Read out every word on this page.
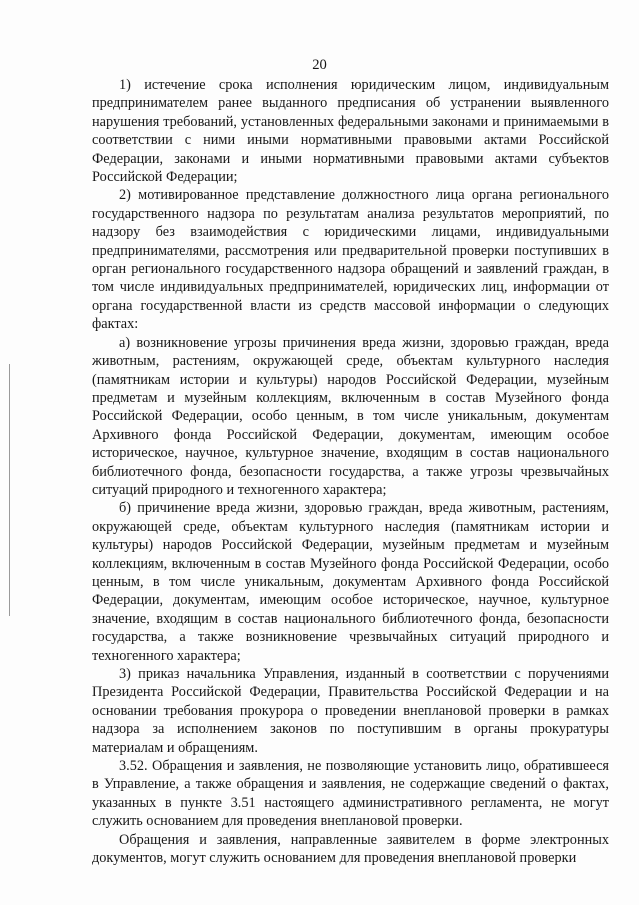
20

1) истечение срока исполнения юридическим лицом, индивидуальным предпринимателем ранее выданного предписания об устранении выявленного нарушения требований, установленных федеральными законами и принимаемыми в соответствии с ними иными нормативными правовыми актами Российской Федерации, законами и иными нормативными правовыми актами субъектов Российской Федерации;

2) мотивированное представление должностного лица органа регионального государственного надзора по результатам анализа результатов мероприятий, по надзору без взаимодействия с юридическими лицами, индивидуальными предпринимателями, рассмотрения или предварительной проверки поступивших в орган регионального государственного надзора обращений и заявлений граждан, в том числе индивидуальных предпринимателей, юридических лиц, информации от органа государственной власти из средств массовой информации о следующих фактах:

а) возникновение угрозы причинения вреда жизни, здоровью граждан, вреда животным, растениям, окружающей среде, объектам культурного наследия (памятникам истории и культуры) народов Российской Федерации, музейным предметам и музейным коллекциям, включенным в состав Музейного фонда Российской Федерации, особо ценным, в том числе уникальным, документам Архивного фонда Российской Федерации, документам, имеющим особое историческое, научное, культурное значение, входящим в состав национального библиотечного фонда, безопасности государства, а также угрозы чрезвычайных ситуаций природного и техногенного характера;

б) причинение вреда жизни, здоровью граждан, вреда животным, растениям, окружающей среде, объектам культурного наследия (памятникам истории и культуры) народов Российской Федерации, музейным предметам и музейным коллекциям, включенным в состав Музейного фонда Российской Федерации, особо ценным, в том числе уникальным, документам Архивного фонда Российской Федерации, документам, имеющим особое историческое, научное, культурное значение, входящим в состав национального библиотечного фонда, безопасности государства, а также возникновение чрезвычайных ситуаций природного и техногенного характера;

3) приказ начальника Управления, изданный в соответствии с поручениями Президента Российской Федерации, Правительства Российской Федерации и на основании требования прокурора о проведении внеплановой проверки в рамках надзора за исполнением законов по поступившим в органы прокуратуры материалам и обращениям.

3.52. Обращения и заявления, не позволяющие установить лицо, обратившееся в Управление, а также обращения и заявления, не содержащие сведений о фактах, указанных в пункте 3.51 настоящего административного регламента, не могут служить основанием для проведения внеплановой проверки.

Обращения и заявления, направленные заявителем в форме электронных документов, могут служить основанием для проведения внеплановой проверки
